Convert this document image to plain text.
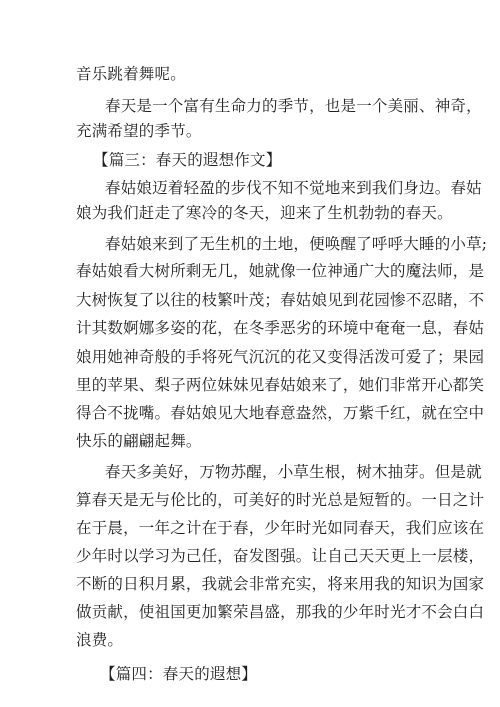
音乐跳着舞呢。
春天是一个富有生命力的季节，也是一个美丽、神奇，
充满希望的季节。
【篇三：春天的遐想作文】
春姑娘迈着轻盈的步伐不知不觉地来到我们身边。春姑
娘为我们赶走了寒冷的冬天，迎来了生机勃勃的春天。
春姑娘来到了无生机的土地，便唤醒了呼呼大睡的小草;
春姑娘看大树所剩无几，她就像一位神通广大的魔法师，是
大树恢复了以往的枝繁叶茂；春姑娘见到花园惨不忍睹，不
计其数婀娜多姿的花，在冬季恶劣的环境中奄奄一息，春姑
娘用她神奇般的手将死气沉沉的花又变得活泼可爱了；果园
里的苹果、梨子两位妹妹见春姑娘来了，她们非常开心都笑
得合不拢嘴。春姑娘见大地春意盎然，万紫千红，就在空中
快乐的翩翩起舞。
春天多美好，万物苏醒，小草生根，树木抽芽。但是就
算春天是无与伦比的，可美好的时光总是短暂的。一日之计
在于晨，一年之计在于春，少年时光如同春天，我们应该在
少年时以学习为己任，奋发图强。让自己天天更上一层楼，
不断的日积月累，我就会非常充实，将来用我的知识为国家
做贡献，使祖国更加繁荣昌盛，那我的少年时光才不会白白
浪费。
【篇四：春天的遐想】
